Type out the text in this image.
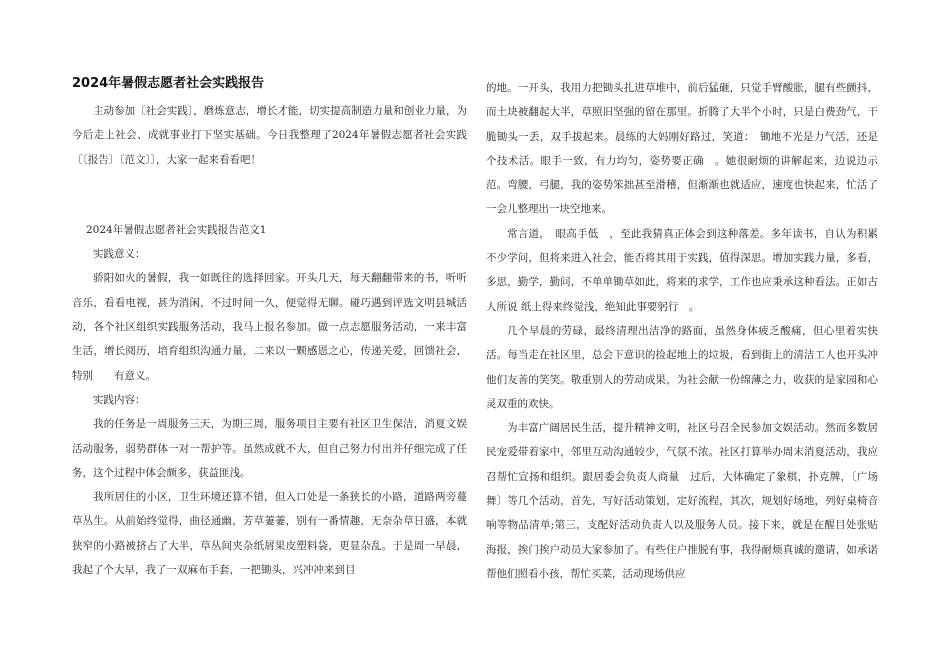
2024年暑假志愿者社会实践报告

主动参加〔社会实践〕，磨炼意志，增长才能，切实提高制造力量和创业力量，为今后走上社会、成就事业打下坚实基础。今日我整理了2024年暑假志愿者社会实践〔〔报告〕〔范文〕〕，大家一起来看看吧！

2024年暑假志愿者社会实践报告范文1

实践意义：

骄阳如火的暑假，我一如既往的选择回家。开头几天，每天翻翻带来的书，听听音乐，看看电视，甚为消闲，不过时间一久，便觉得无聊。碰巧遇到评选文明县城活动，各个社区组织实践服务活动，我马上报名参加。做一点志愿服务活动，一来丰富生活，增长阅历，培育组织沟通力量，二来以一颗感恩之心，传递关爱，回馈社会，特别　　有意义。

实践内容：

我的任务是一周服务三天，为期三周，服务项目主要有社区卫生保洁，消夏文娱活动服务，弱势群体一对一帮护等。虽然成就不大，但自己努力付出并仔细完成了任务，这个过程中体会颇多，获益匪浅。

我所居住的小区，卫生环境还算不错，但入口处是一条狭长的小路，道路两旁蔓草丛生。从前始终觉得，曲径通幽，芳草萋萋，别有一番情趣，无奈杂草日盛，本就狭窄的小路被挤占了大半，草丛间夹杂纸屑果皮塑料袋，更显杂乱。于是周一早晨，我起了个大早，我了一双麻布手套，一把锄头，兴冲冲来到目

的地。一开头，我用力把锄头扎进草堆中，前后猛砸，只觉手臂酸胀，腿有些颤抖，而土块被翻起大半，草照旧坚强的留在那里。折腾了大半个小时，只是白费劲气，干脆锄头一丢，双手拔起来。晨练的大妈刚好路过，笑道：　锄地不光是力气活，还是个技术活。眼手一致，有力均匀，姿势要正确　。她很耐烦的讲解起来，边说边示范。弯腰，弓腿，我的姿势笨拙甚至滑稽，但渐渐也就适应，速度也快起来，忙活了一会儿整理出一块空地来。

常言道，　眼高手低　，至此我猜真正体会到这种落差。多年读书，自认为积累不少学问，但将来进入社会，能否将其用于实践，值得深思。增加实践力量，多看，多思，勤学，勤问，不单单锄草如此，将来的求学，工作也应秉承这种看法。正如古人所说 纸上得来终觉浅，绝知此事要躬行　。

几个早晨的劳碌，最终清理出洁净的路面，虽然身体疲乏酸痛，但心里着实快活。每当走在社区里，总会下意识的捡起地上的垃圾，看到街上的清洁工人也开头冲他们友善的笑笑。敬重别人的劳动成果，为社会献一份绵薄之力，收获的是家园和心灵双重的欢快。

为丰富广阔居民生活，提升精神文明，社区号召全民参加文娱活动。然而多数居民宠爱带着家中，邻里互动沟通较少，气氛不浓。社区打算举办周末消夏活动，我应召帮忙宣扬和组织。跟居委会负责人商量　过后，大体确定了象棋，扑克牌，〔广场舞〕等几个活动，首先，写好活动策划，定好流程，其次，规划好场地，列好桌椅音响等物品清单;第三，支配好活动负责人以及服务人员。接下来，就是在醒目处张贴海报，挨门挨户动员大家参加了。有些住户推脱有事，我得耐烦真诚的邀请，如承诺帮他们照看小孩，帮忙买菜，活动现场供应
